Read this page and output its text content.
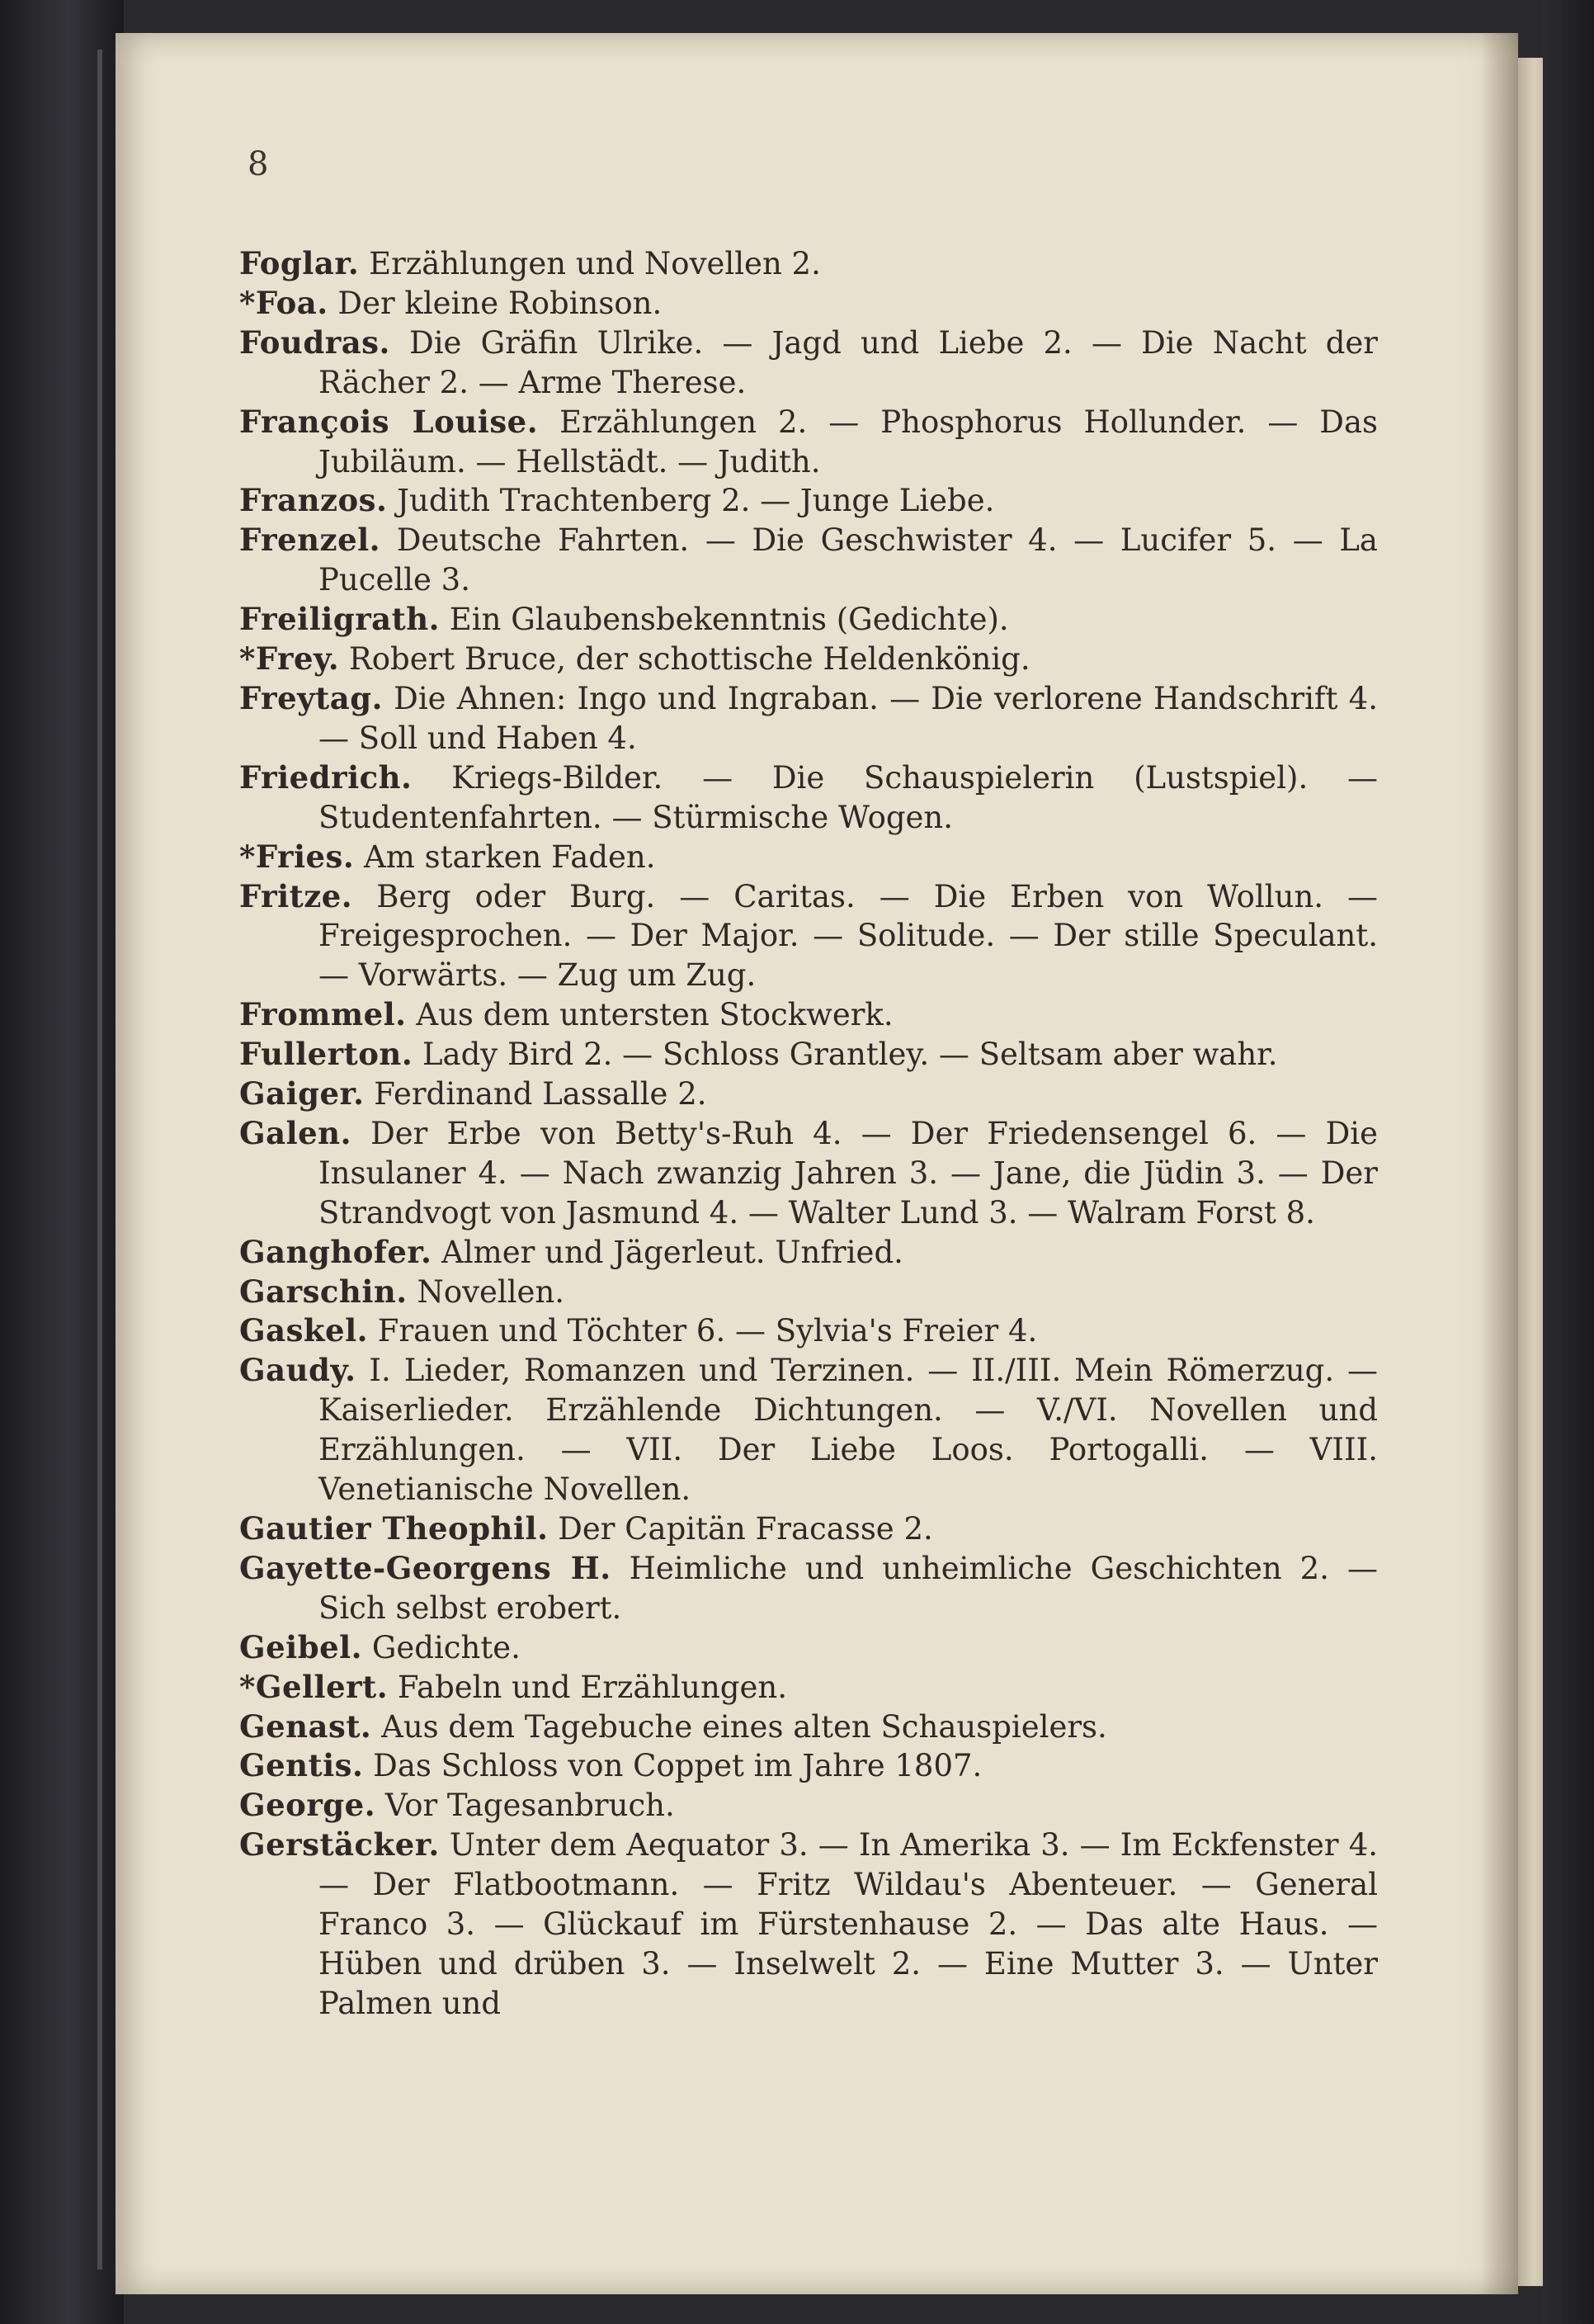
8
Foglar. Erzählungen und Novellen 2.
*Foa. Der kleine Robinson.
Foudras. Die Gräfin Ulrike. — Jagd und Liebe 2. — Die Nacht der Rächer 2. — Arme Therese.
François Louise. Erzählungen 2. — Phosphorus Hollunder. — Das Jubiläum. — Hellstädt. — Judith.
Franzos. Judith Trachtenberg 2. — Junge Liebe.
Frenzel. Deutsche Fahrten. — Die Geschwister 4. — Lucifer 5. — La Pucelle 3.
Freiligrath. Ein Glaubensbekenntnis (Gedichte).
*Frey. Robert Bruce, der schottische Heldenkönig.
Freytag. Die Ahnen: Ingo und Ingraban. — Die verlorene Handschrift 4. — Soll und Haben 4.
Friedrich. Kriegs-Bilder. — Die Schauspielerin (Lustspiel). — Studentenfahrten. — Stürmische Wogen.
*Fries. Am starken Faden.
Fritze. Berg oder Burg. — Caritas. — Die Erben von Wollun. — Freigesprochen. — Der Major. — Solitude. — Der stille Speculant. — Vorwärts. — Zug um Zug.
Frommel. Aus dem untersten Stockwerk.
Fullerton. Lady Bird 2. — Schloss Grantley. — Seltsam aber wahr.
Gaiger. Ferdinand Lassalle 2.
Galen. Der Erbe von Betty's-Ruh 4. — Der Friedensengel 6. — Die Insulaner 4. — Nach zwanzig Jahren 3. — Jane, die Jüdin 3. — Der Strandvogt von Jasmund 4. — Walter Lund 3. — Walram Forst 8.
Ganghofer. Almer und Jägerleut. Unfried.
Garschin. Novellen.
Gaskel. Frauen und Töchter 6. — Sylvia's Freier 4.
Gaudy. I. Lieder, Romanzen und Terzinen. — II./III. Mein Römerzug. — Kaiserlieder. Erzählende Dichtungen. — V./VI. Novellen und Erzählungen. — VII. Der Liebe Loos. Portogalli. — VIII. Venetianische Novellen.
Gautier Theophil. Der Capitän Fracasse 2.
Gayette-Georgens H. Heimliche und unheimliche Geschichten 2. — Sich selbst erobert.
Geibel. Gedichte.
*Gellert. Fabeln und Erzählungen.
Genast. Aus dem Tagebuche eines alten Schauspielers.
Gentis. Das Schloss von Coppet im Jahre 1807.
George. Vor Tagesanbruch.
Gerstäcker. Unter dem Aequator 3. — In Amerika 3. — Im Eckfenster 4. — Der Flatbootmann. — Fritz Wildau's Abenteuer. — General Franco 3. — Glückauf im Fürstenhause 2. — Das alte Haus. — Hüben und drüben 3. — Inselwelt 2. — Eine Mutter 3. — Unter Palmen und
